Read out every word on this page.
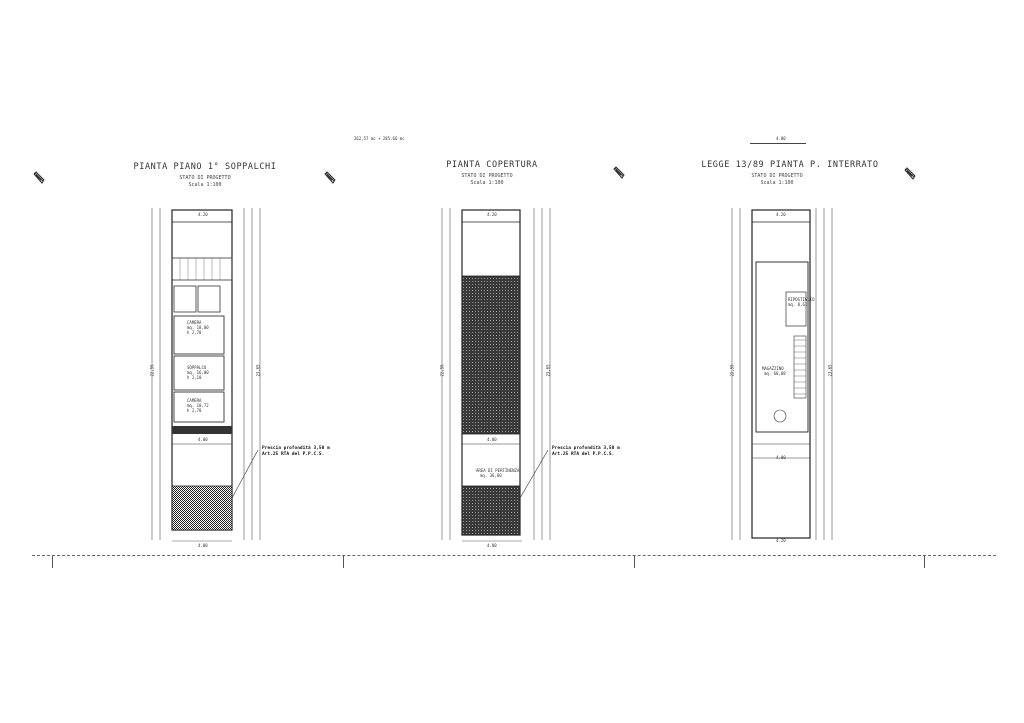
262,57 mc + 285.66 mc	4.00
PIANTA PIANO 1° SOPPALCHI
STATO DI PROGETTO
Scala 1:100
PIANTA COPERTURA
STATO DI PROGETTO
Scala 1:100
LEGGE 13/89 PIANTA P. INTERRATO
STATO DI PROGETTO
Scala 1:100
CAMERA
mq. 18,00
h 2,70
SOPPALCO
mq. 16,00
h 2,10
CAMERA
mq. 10,72
h 2,70
4.20
4.00
4.00
Prescia profondità 3,50 m
Art.25 RTA del P.P.C.S.
AREA DI PERTINENZA
mq. 36,60
4.20
4.00
4.00
Prescia profondità 3,50 m
Art.25 RTA del P.P.C.S.
RIPOSTIGLIO
mq. 8,61
MAGAZZINO
mq. 68,08
4.20
4.00
4.20
22,55	23,65	22,55	23,65	22,55	23,65
